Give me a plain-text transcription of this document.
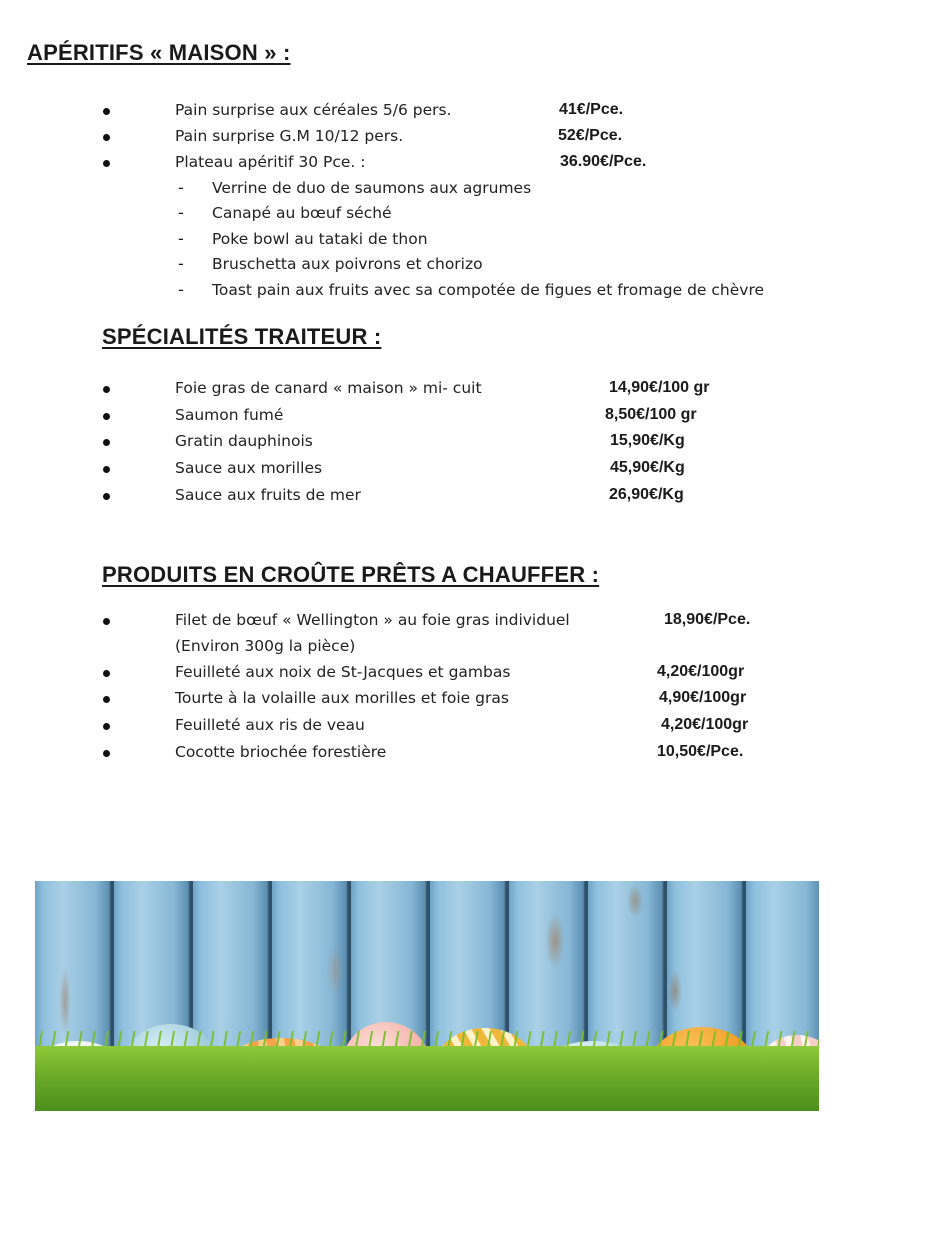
APÉRITIFS « MAISON » :
Pain surprise aux céréales 5/6 pers.	41€/Pce.
Pain surprise G.M 10/12 pers.	52€/Pce.
Plateau apéritif 30 Pce. :	36.90€/Pce.
- Verrine de duo de saumons aux agrumes
- Canapé au bœuf séché
- Poke bowl au tataki de thon
- Bruschetta aux poivrons et chorizo
- Toast pain aux fruits avec sa compotée de figues et fromage de chèvre
SPÉCIALITÉS TRAITEUR :
Foie gras de canard « maison » mi- cuit	14,90€/100 gr
Saumon fumé	8,50€/100 gr
Gratin dauphinois	15,90€/Kg
Sauce aux morilles	45,90€/Kg
Sauce aux fruits de mer	26,90€/Kg
PRODUITS EN CROÛTE PRÊTS A CHAUFFER :
Filet de bœuf « Wellington » au foie gras individuel	18,90€/Pce.
(Environ 300g la pièce)
Feuilleté aux noix de St-Jacques et gambas	4,20€/100gr
Tourte à la volaille aux morilles et foie gras	4,90€/100gr
Feuilleté aux ris de veau	4,20€/100gr
Cocotte briochée forestière	10,50€/Pce.
